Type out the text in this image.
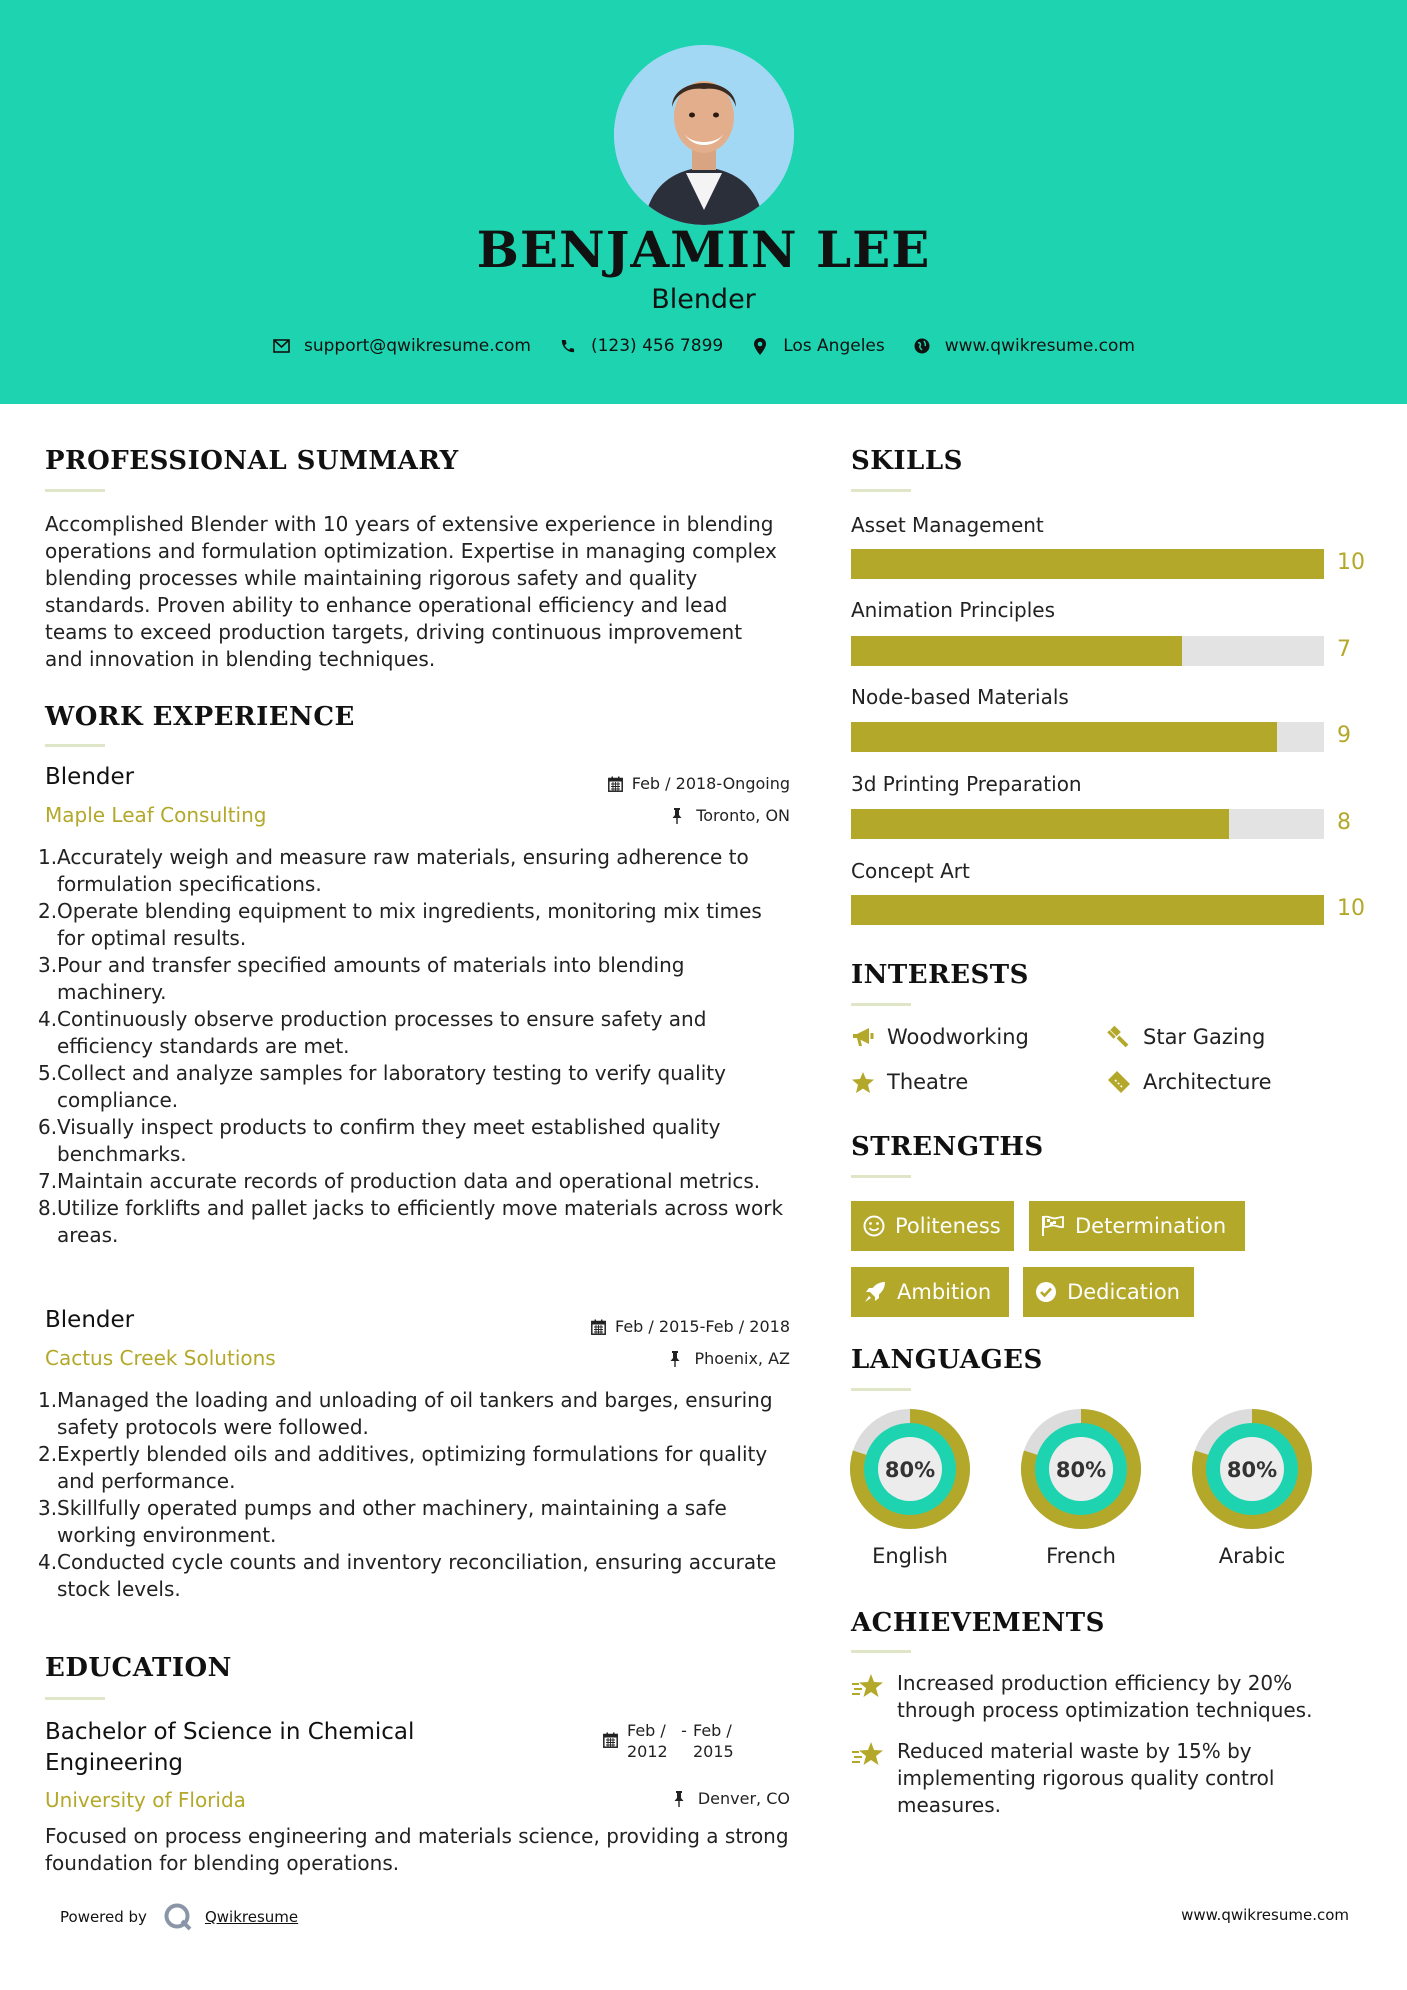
BENJAMIN LEE
Blender
support@qwikresume.com	(123) 456 7899	Los Angeles	www.qwikresume.com
PROFESSIONAL SUMMARY
Accomplished Blender with 10 years of extensive experience in blending operations and formulation optimization. Expertise in managing complex blending processes while maintaining rigorous safety and quality standards. Proven ability to enhance operational efficiency and lead teams to exceed production targets, driving continuous improvement and innovation in blending techniques.
WORK EXPERIENCE
Blender	Feb / 2018-Ongoing
Maple Leaf Consulting	Toronto, ON
1. Accurately weigh and measure raw materials, ensuring adherence to formulation specifications.
2. Operate blending equipment to mix ingredients, monitoring mix times for optimal results.
3. Pour and transfer specified amounts of materials into blending machinery.
4. Continuously observe production processes to ensure safety and efficiency standards are met.
5. Collect and analyze samples for laboratory testing to verify quality compliance.
6. Visually inspect products to confirm they meet established quality benchmarks.
7. Maintain accurate records of production data and operational metrics.
8. Utilize forklifts and pallet jacks to efficiently move materials across work areas.
Blender	Feb / 2015-Feb / 2018
Cactus Creek Solutions	Phoenix, AZ
1. Managed the loading and unloading of oil tankers and barges, ensuring safety protocols were followed.
2. Expertly blended oils and additives, optimizing formulations for quality and performance.
3. Skillfully operated pumps and other machinery, maintaining a safe working environment.
4. Conducted cycle counts and inventory reconciliation, ensuring accurate stock levels.
EDUCATION
Bachelor of Science in Chemical Engineering
Feb / 2012
- Feb / 2015
University of Florida	Denver, CO
Focused on process engineering and materials science, providing a strong foundation for blending operations.
SKILLS
Asset Management
10
Animation Principles
7
Node-based Materials
9
3d Printing Preparation
8
Concept Art
10
INTERESTS
Woodworking	Star Gazing
Theatre	Architecture
STRENGTHS
Politeness	Determination
Ambition	Dedication
LANGUAGES
80%
English
80%
French
80%
Arabic
ACHIEVEMENTS
Increased production efficiency by 20% through process optimization techniques.
Reduced material waste by 15% by implementing rigorous quality control measures.
Powered by	Qwikresume	www.qwikresume.com
